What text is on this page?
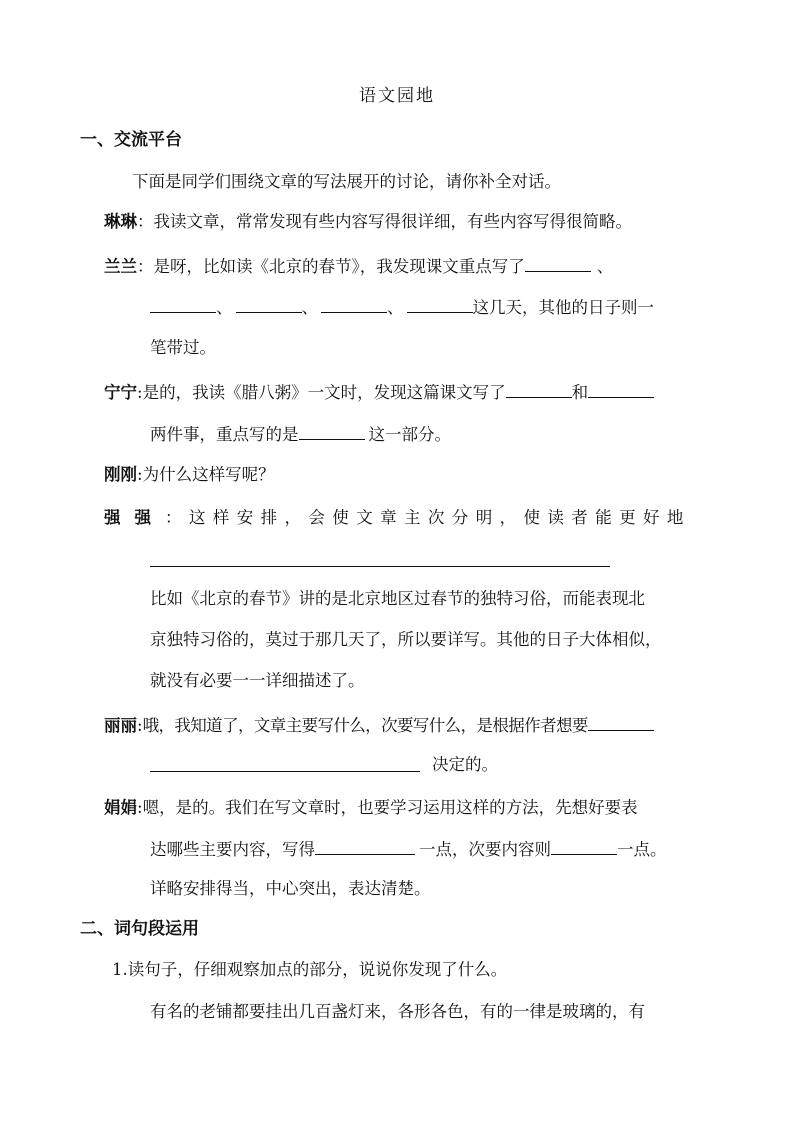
语文园地
一、交流平台
下面是同学们围绕文章的写法展开的讨论，请你补全对话。
琳琳：我读文章，常常发现有些内容写得很详细，有些内容写得很简略。
兰兰：是呀，比如读《北京的春节》，我发现课文重点写了	、
、	、	、	这几天，其他的日子则一
笔带过。
宁宁:是的，我读《腊八粥》一文时，发现这篇课文写了	和
两件事，重点写的是	这一部分。
刚刚:为什么这样写呢？
强强：这样安排，会使文章主次分明，使读者能更好地
比如《北京的春节》讲的是北京地区过春节的独特习俗，而能表现北
京独特习俗的，莫过于那几天了，所以要详写。其他的日子大体相似，
就没有必要一一详细描述了。
丽丽:哦，我知道了，文章主要写什么，次要写什么，是根据作者想要
决定的。
娟娟:嗯，是的。我们在写文章时，也要学习运用这样的方法，先想好要表
达哪些主要内容，写得	一点，次要内容则	一点。
详略安排得当，中心突出，表达清楚。
二、词句段运用
1.读句子，仔细观察加点的部分，说说你发现了什么。
有名的老铺都要挂出几百盏灯来，各形各色，有的一律是玻璃的，有
